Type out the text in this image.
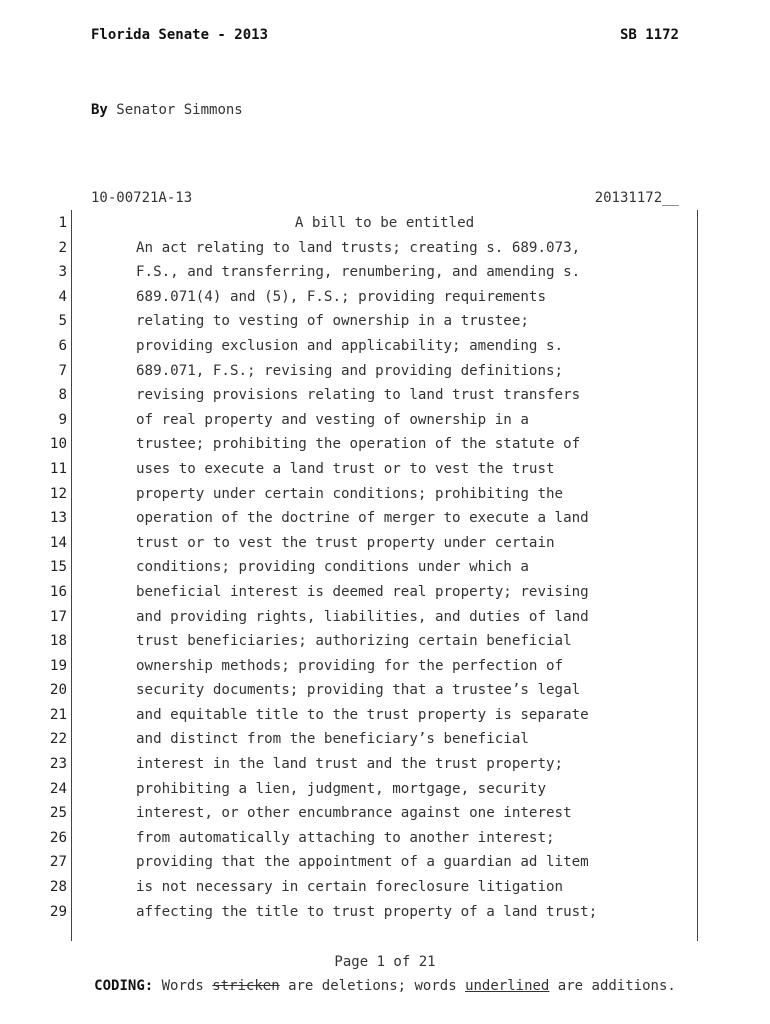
Florida Senate - 2013	SB 1172
By Senator Simmons
10-00721A-13	20131172__
1	A bill to be entitled
2	An act relating to land trusts; creating s. 689.073,
3	F.S., and transferring, renumbering, and amending s.
4	689.071(4) and (5), F.S.; providing requirements
5	relating to vesting of ownership in a trustee;
6	providing exclusion and applicability; amending s.
7	689.071, F.S.; revising and providing definitions;
8	revising provisions relating to land trust transfers
9	of real property and vesting of ownership in a
10	trustee; prohibiting the operation of the statute of
11	uses to execute a land trust or to vest the trust
12	property under certain conditions; prohibiting the
13	operation of the doctrine of merger to execute a land
14	trust or to vest the trust property under certain
15	conditions; providing conditions under which a
16	beneficial interest is deemed real property; revising
17	and providing rights, liabilities, and duties of land
18	trust beneficiaries; authorizing certain beneficial
19	ownership methods; providing for the perfection of
20	security documents; providing that a trustee’s legal
21	and equitable title to the trust property is separate
22	and distinct from the beneficiary’s beneficial
23	interest in the land trust and the trust property;
24	prohibiting a lien, judgment, mortgage, security
25	interest, or other encumbrance against one interest
26	from automatically attaching to another interest;
27	providing that the appointment of a guardian ad litem
28	is not necessary in certain foreclosure litigation
29	affecting the title to trust property of a land trust;
Page 1 of 21
CODING: Words stricken are deletions; words underlined are additions.
